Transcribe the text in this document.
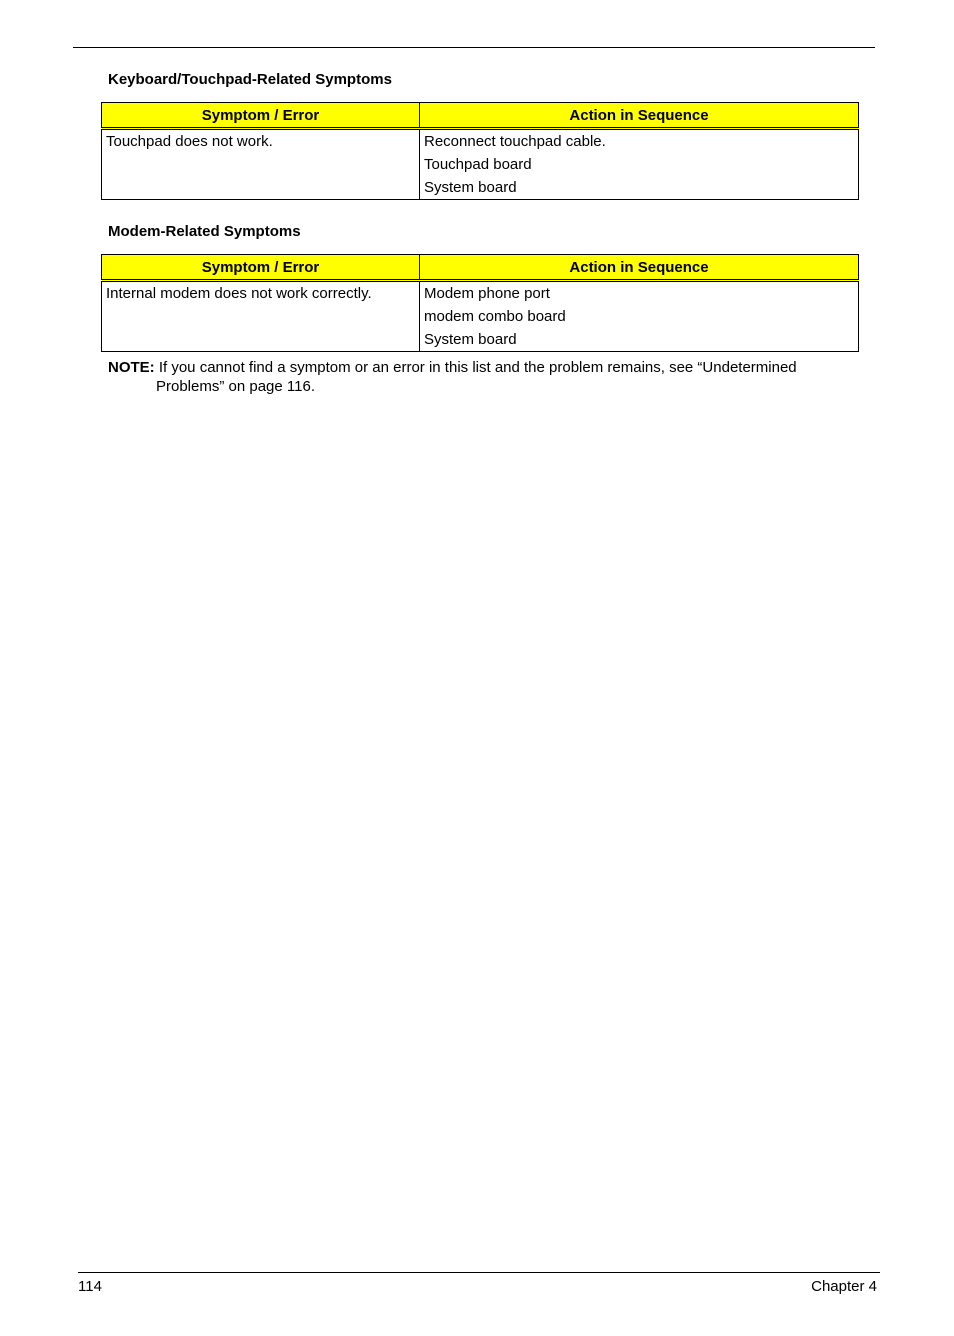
Keyboard/Touchpad-Related Symptoms
Symptom / Error	Action in Sequence

Touchpad does not work.	Reconnect touchpad cable.
Touchpad board
System board
Modem-Related Symptoms
Symptom / Error	Action in Sequence

Internal modem does not work correctly.	Modem phone port
modem combo board
System board
NOTE: If you cannot find a symptom or an error in this list and the problem remains, see “Undetermined
Problems” on page 116.
114	Chapter 4
